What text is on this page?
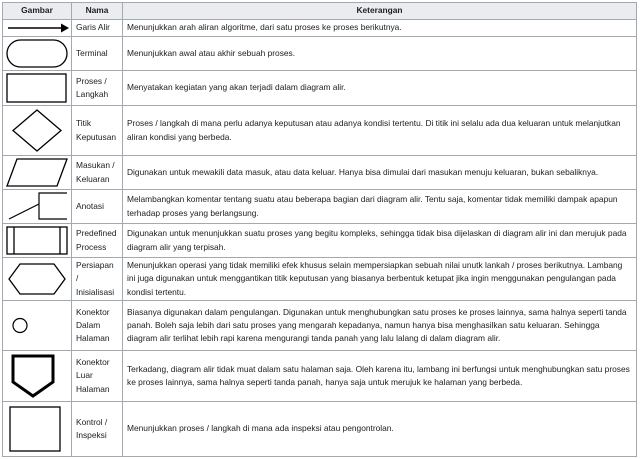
Gambar	Nama	Keterangan

	Garis Alir	Menunjukkan arah aliran algoritme, dari satu proses ke proses berikutnya.

	Terminal	Menunjukkan awal atau akhir sebuah proses.

	Proses / Langkah	Menyatakan kegiatan yang akan terjadi dalam diagram alir.

	Titik Keputusan	Proses / langkah di mana perlu adanya keputusan atau adanya kondisi tertentu. Di titik ini selalu ada dua keluaran untuk melanjutkan aliran kondisi yang berbeda.

	Masukan / Keluaran	Digunakan untuk mewakili data masuk, atau data keluar. Hanya bisa dimulai dari masukan menuju keluaran, bukan sebaliknya.

	Anotasi	Melambangkan komentar tentang suatu atau beberapa bagian dari diagram alir. Tentu saja, komentar tidak memiliki dampak apapun terhadap proses yang berlangsung.

	Predefined Process	Digunakan untuk menunjukkan suatu proses yang begitu kompleks, sehingga tidak bisa dijelaskan di diagram alir ini dan merujuk pada diagram alir yang terpisah.

	Persiapan / Inisialisasi	Menunjukkan operasi yang tidak memiliki efek khusus selain mempersiapkan sebuah nilai unutk lankah / proses berikutnya. Lambang ini juga digunakan untuk menggantikan titik keputusan yang biasanya berbentuk ketupat jika ingin menggunakan pengulangan pada kondisi tertentu.

	Konektor Dalam Halaman	Biasanya digunakan dalam pengulangan. Digunakan untuk menghubungkan satu proses ke proses lainnya, sama halnya seperti tanda panah. Boleh saja lebih dari satu proses yang mengarah kepadanya, namun hanya bisa menghasilkan satu keluaran. Sehingga diagram alir terlihat lebih rapi karena mengurangi tanda panah yang lalu lalang di dalam diagram alir.

	Konektor Luar Halaman	Terkadang, diagram alir tidak muat dalam satu halaman saja. Oleh karena itu, lambang ini berfungsi untuk menghubungkan satu proses ke proses lainnya, sama halnya seperti tanda panah, hanya saja untuk merujuk ke halaman yang berbeda.

	Kontrol / Inspeksi	Menunjukkan proses / langkah di mana ada inspeksi atau pengontrolan.
